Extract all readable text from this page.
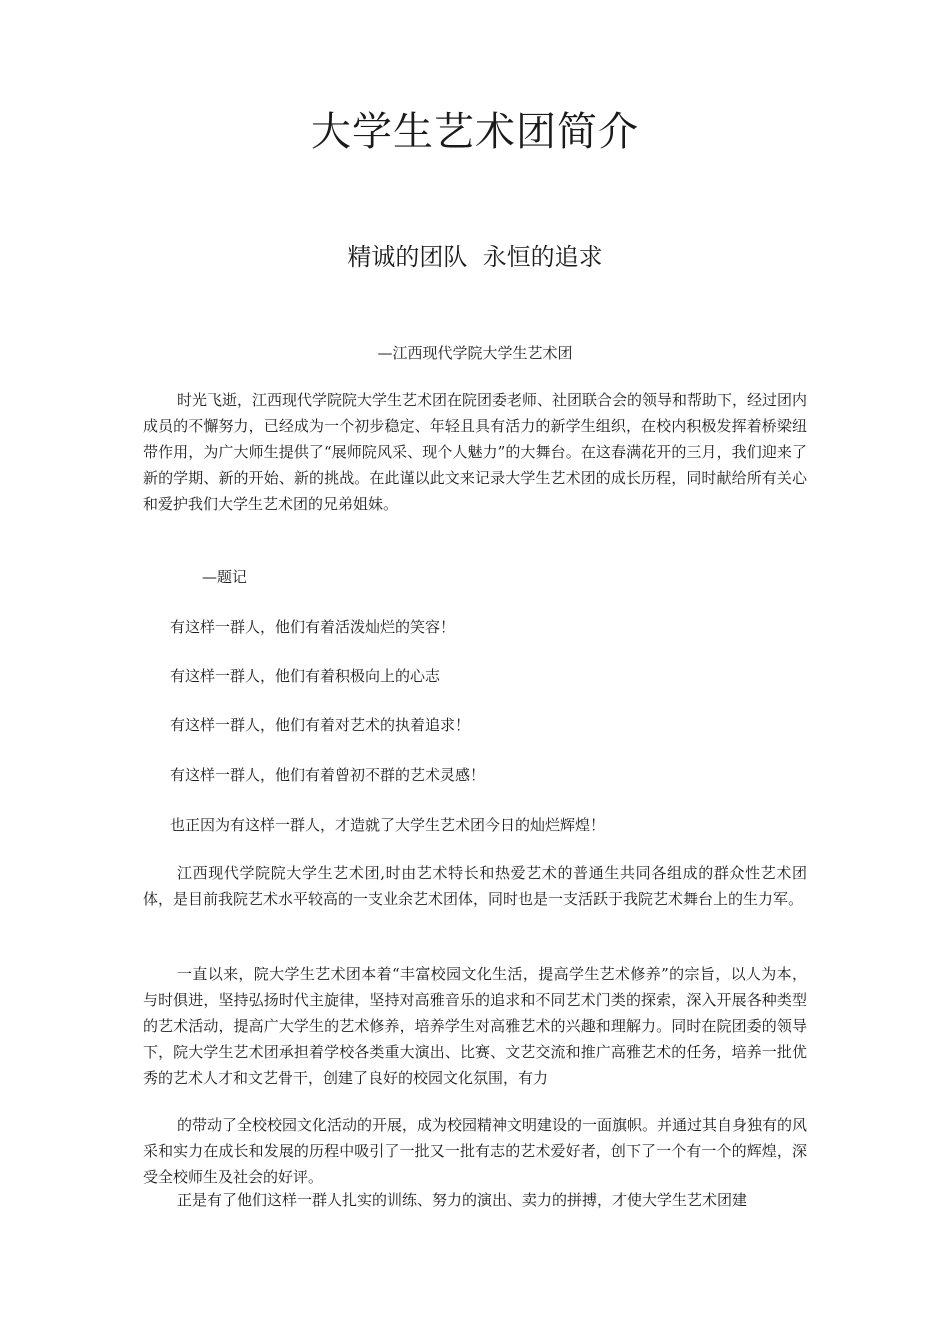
大学生艺术团简介
精诚的团队  永恒的追求

—江西现代学院大学生艺术团

时光飞逝，江西现代学院院大学生艺术团在院团委老师、社团联合会的领导和帮助下，经过团内成员的不懈努力，已经成为一个初步稳定、年轻且具有活力的新学生组织，在校内积极发挥着桥梁纽带作用，为广大师生提供了“展师院风采、现个人魅力”的大舞台。在这春满花开的三月，我们迎来了新的学期、新的开始、新的挑战。在此谨以此文来记录大学生艺术团的成长历程，同时献给所有关心和爱护我们大学生艺术团的兄弟姐妹。

—题记

有这样一群人，他们有着活泼灿烂的笑容！

有这样一群人，他们有着积极向上的心志

有这样一群人，他们有着对艺术的执着追求！

有这样一群人，他们有着曾初不群的艺术灵感！

也正因为有这样一群人，才造就了大学生艺术团今日的灿烂辉煌！

江西现代学院院大学生艺术团,时由艺术特长和热爱艺术的普通生共同各组成的群众性艺术团体，是目前我院艺术水平较高的一支业余艺术团体，同时也是一支活跃于我院艺术舞台上的生力军。

一直以来，院大学生艺术团本着“丰富校园文化生活，提高学生艺术修养”的宗旨，以人为本，与时俱进，坚持弘扬时代主旋律，坚持对高雅音乐的追求和不同艺术门类的探索，深入开展各种类型的艺术活动，提高广大学生的艺术修养，培养学生对高雅艺术的兴趣和理解力。同时在院团委的领导下，院大学生艺术团承担着学校各类重大演出、比赛、文艺交流和推广高雅艺术的任务，培养一批优秀的艺术人才和文艺骨干，创建了良好的校园文化氛围，有力

的带动了全校校园文化活动的开展，成为校园精神文明建设的一面旗帜。并通过其自身独有的风采和实力在成长和发展的历程中吸引了一批又一批有志的艺术爱好者，创下了一个有一个的辉煌，深受全校师生及社会的好评。

正是有了他们这样一群人扎实的训练、努力的演出、卖力的拼搏，才使大学生艺术团建
